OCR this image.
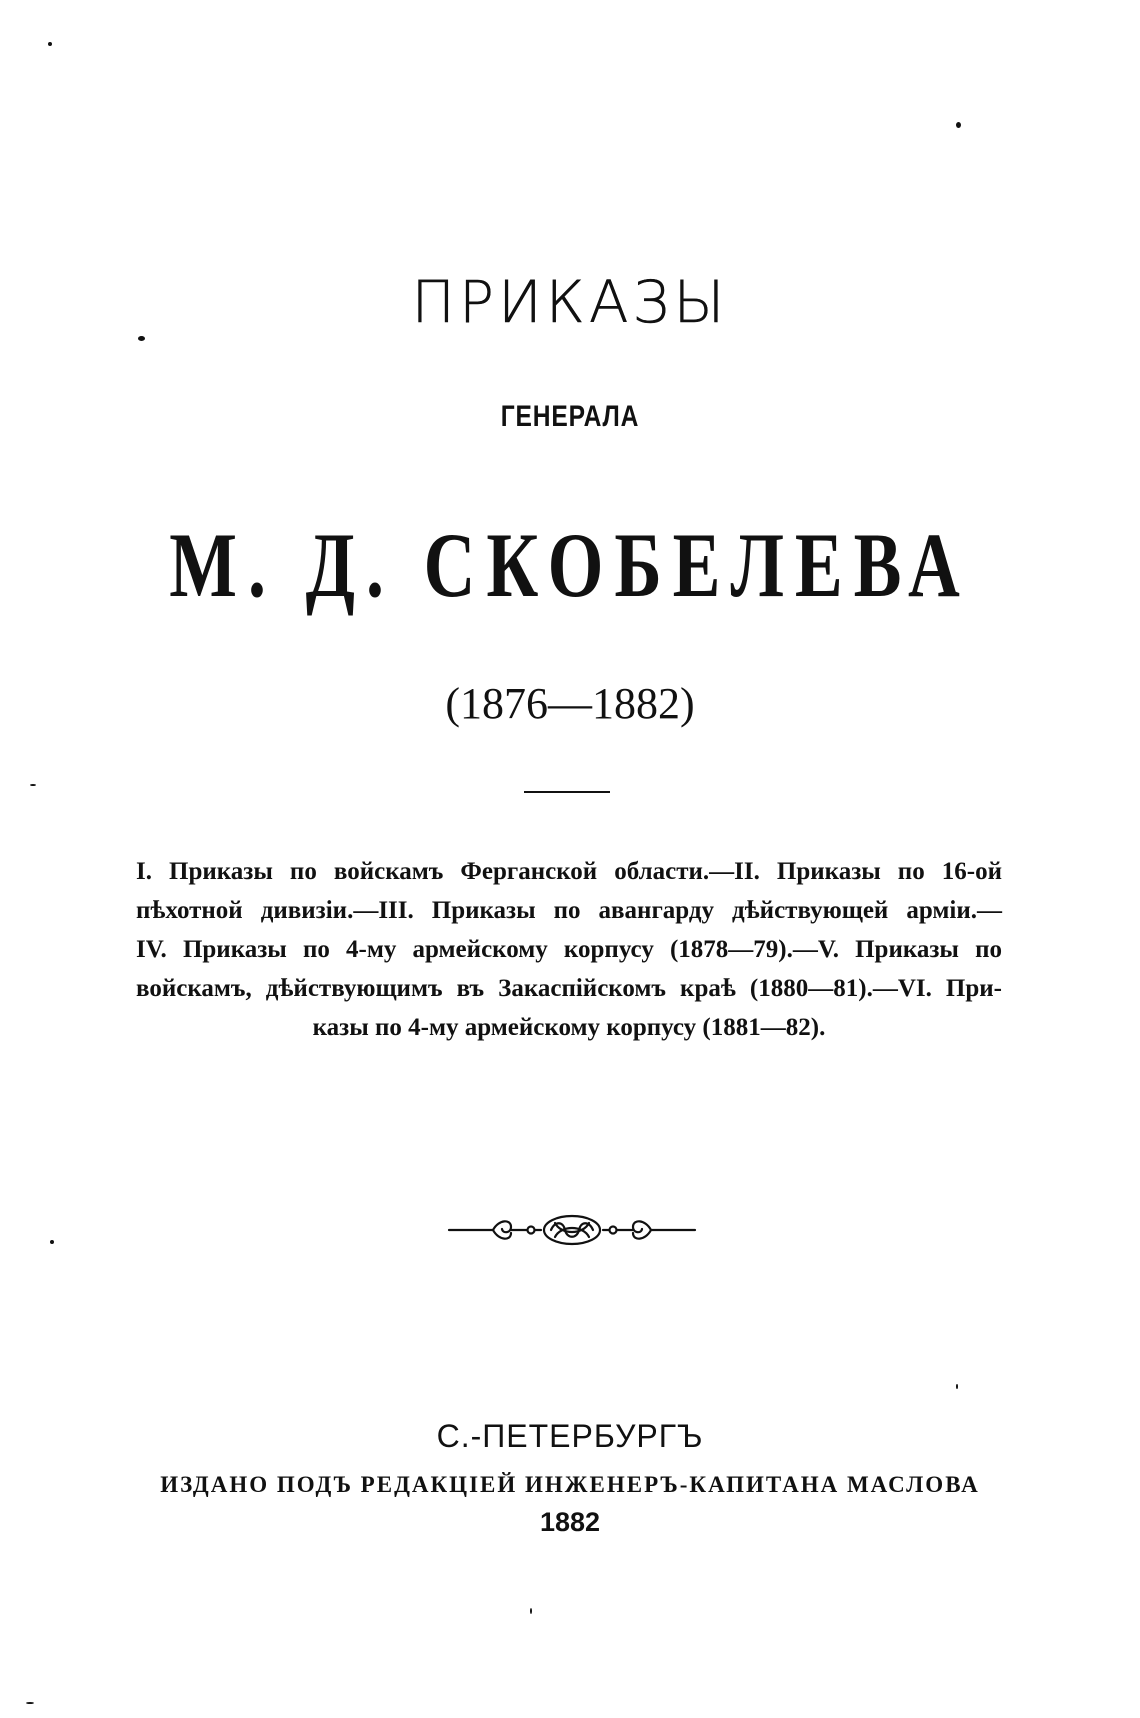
ПРИКАЗЫ
ГЕНЕРАЛА
М. Д. СКОБЕЛЕВА
(1876—1882)
I. Приказы по войскамъ Ферганской области.—II. Приказы по 16-ой
пѣхотной дивизіи.—III. Приказы по авангарду дѣйствующей арміи.—
IV. Приказы по 4-му армейскому корпусу (1878—79).—V. Приказы по
войскамъ, дѣйствующимъ въ Закаспійскомъ краѣ (1880—81).—VI. При-
казы по 4-му армейскому корпусу (1881—82).
С.-ПЕТЕРБУРГЪ
ИЗДАНО ПОДЪ РЕДАКЦІЕЙ ИНЖЕНЕРЪ-КАПИТАНА МАСЛОВА
1882
